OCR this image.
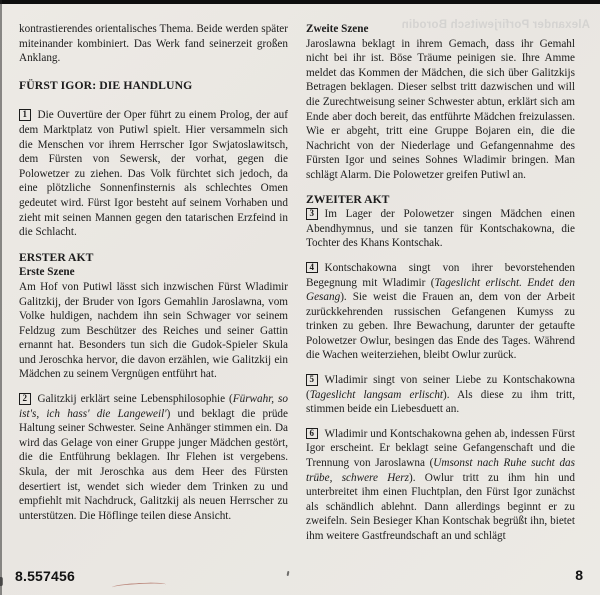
Alexander Porfirjewitsch Borodin

kontrastierendes orientalisches Thema. Beide werden später miteinander kombiniert. Das Werk fand seinerzeit großen Anklang.

FÜRST IGOR: DIE HANDLUNG

1 Die Ouvertüre der Oper führt zu einem Prolog, der auf dem Marktplatz von Putiwl spielt. Hier versammeln sich die Menschen vor ihrem Herrscher Igor Swjatoslawitsch, dem Fürsten von Sewersk, der vorhat, gegen die Polowetzer zu ziehen. Das Volk fürchtet sich jedoch, da eine plötzliche Sonnenfinsternis als schlechtes Omen gedeutet wird. Fürst Igor besteht auf seinem Vorhaben und zieht mit seinen Mannen gegen den tatarischen Erzfeind in die Schlacht.

ERSTER AKT
Erste Szene

Am Hof von Putiwl lässt sich inzwischen Fürst Wladimir Galitzkij, der Bruder von Igors Gemahlin Jaroslawna, vom Volke huldigen, nachdem ihn sein Schwager vor seinem Feldzug zum Beschützer des Reiches und seiner Gattin ernannt hat. Besonders tun sich die Gudok-Spieler Skula und Jeroschka hervor, die davon erzählen, wie Galitzkij ein Mädchen zu seinem Vergnügen entführt hat.

2 Galitzkij erklärt seine Lebensphilosophie (Fürwahr, so ist's, ich hass' die Langeweil') und beklagt die prüde Haltung seiner Schwester. Seine Anhänger stimmen ein. Da wird das Gelage von einer Gruppe junger Mädchen gestört, die die Entführung beklagen. Ihr Flehen ist vergebens. Skula, der mit Jeroschka aus dem Heer des Fürsten desertiert ist, wendet sich wieder dem Trinken zu und empfiehlt mit Nachdruck, Galitzkij als neuen Herrscher zu unterstützen. Die Höflinge teilen diese Ansicht.

Zweite Szene

Jaroslawna beklagt in ihrem Gemach, dass ihr Gemahl nicht bei ihr ist. Böse Träume peinigen sie. Ihre Amme meldet das Kommen der Mädchen, die sich über Galitzkijs Betragen beklagen. Dieser selbst tritt dazwischen und will die Zurechtweisung seiner Schwester abtun, erklärt sich am Ende aber doch bereit, das entführte Mädchen freizulassen. Wie er abgeht, tritt eine Gruppe Bojaren ein, die die Nachricht von der Niederlage und Gefangennahme des Fürsten Igor und seines Sohnes Wladimir bringen. Man schlägt Alarm. Die Polowetzer greifen Putiwl an.

ZWEITER AKT

3 Im Lager der Polowetzer singen Mädchen einen Abendhymnus, und sie tanzen für Kontschakowna, die Tochter des Khans Kontschak.

4 Kontschakowna singt von ihrer bevorstehenden Begegnung mit Wladimir (Tageslicht erlischt. Endet den Gesang). Sie weist die Frauen an, dem von der Arbeit zurückkehrenden russischen Gefangenen Kumyss zu trinken zu geben. Ihre Bewachung, darunter der getaufte Polowetzer Owlur, besingen das Ende des Tages. Während die Wachen weiterziehen, bleibt Owlur zurück.

5 Wladimir singt von seiner Liebe zu Kontschakowna (Tageslicht langsam erlischt). Als diese zu ihm tritt, stimmen beide ein Liebesduett an.

6 Wladimir und Kontschakowna gehen ab, indessen Fürst Igor erscheint. Er beklagt seine Gefangenschaft und die Trennung von Jaroslawna (Umsonst nach Ruhe sucht das trübe, schwere Herz). Owlur tritt zu ihm hin und unterbreitet ihm einen Fluchtplan, den Fürst Igor zunächst als schändlich ablehnt. Dann allerdings beginnt er zu zweifeln. Sein Besieger Khan Kontschak begrüßt ihn, bietet ihm weitere Gastfreundschaft an und schlägt

8.557456	8
